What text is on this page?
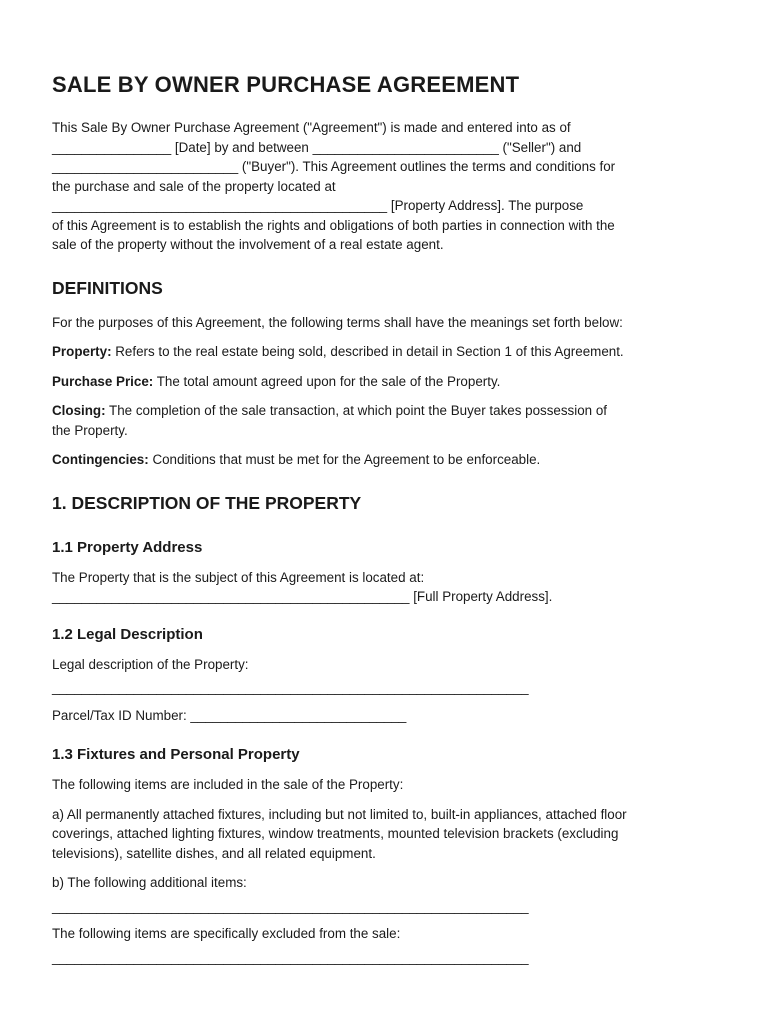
SALE BY OWNER PURCHASE AGREEMENT
This Sale By Owner Purchase Agreement ("Agreement") is made and entered into as of
________________ [Date] by and between _________________________ ("Seller") and
_________________________ ("Buyer"). This Agreement outlines the terms and conditions for
the purchase and sale of the property located at
_____________________________________________ [Property Address]. The purpose
of this Agreement is to establish the rights and obligations of both parties in connection with the
sale of the property without the involvement of a real estate agent.
DEFINITIONS

For the purposes of this Agreement, the following terms shall have the meanings set forth below:

Property: Refers to the real estate being sold, described in detail in Section 1 of this Agreement.

Purchase Price: The total amount agreed upon for the sale of the Property.

Closing: The completion of the sale transaction, at which point the Buyer takes possession of

the Property.

Contingencies: Conditions that must be met for the Agreement to be enforceable.

1. DESCRIPTION OF THE PROPERTY
1.1 Property Address

The Property that is the subject of this Agreement is located at:

________________________________________________ [Full Property Address].

1.2 Legal Description

Legal description of the Property:

________________________________________________________________

Parcel/Tax ID Number: _____________________________

1.3 Fixtures and Personal Property

The following items are included in the sale of the Property:

a) All permanently attached fixtures, including but not limited to, built-in appliances, attached floor

coverings, attached lighting fixtures, window treatments, mounted television brackets (excluding

televisions), satellite dishes, and all related equipment.

b) The following additional items:

________________________________________________________________

The following items are specifically excluded from the sale:

________________________________________________________________
